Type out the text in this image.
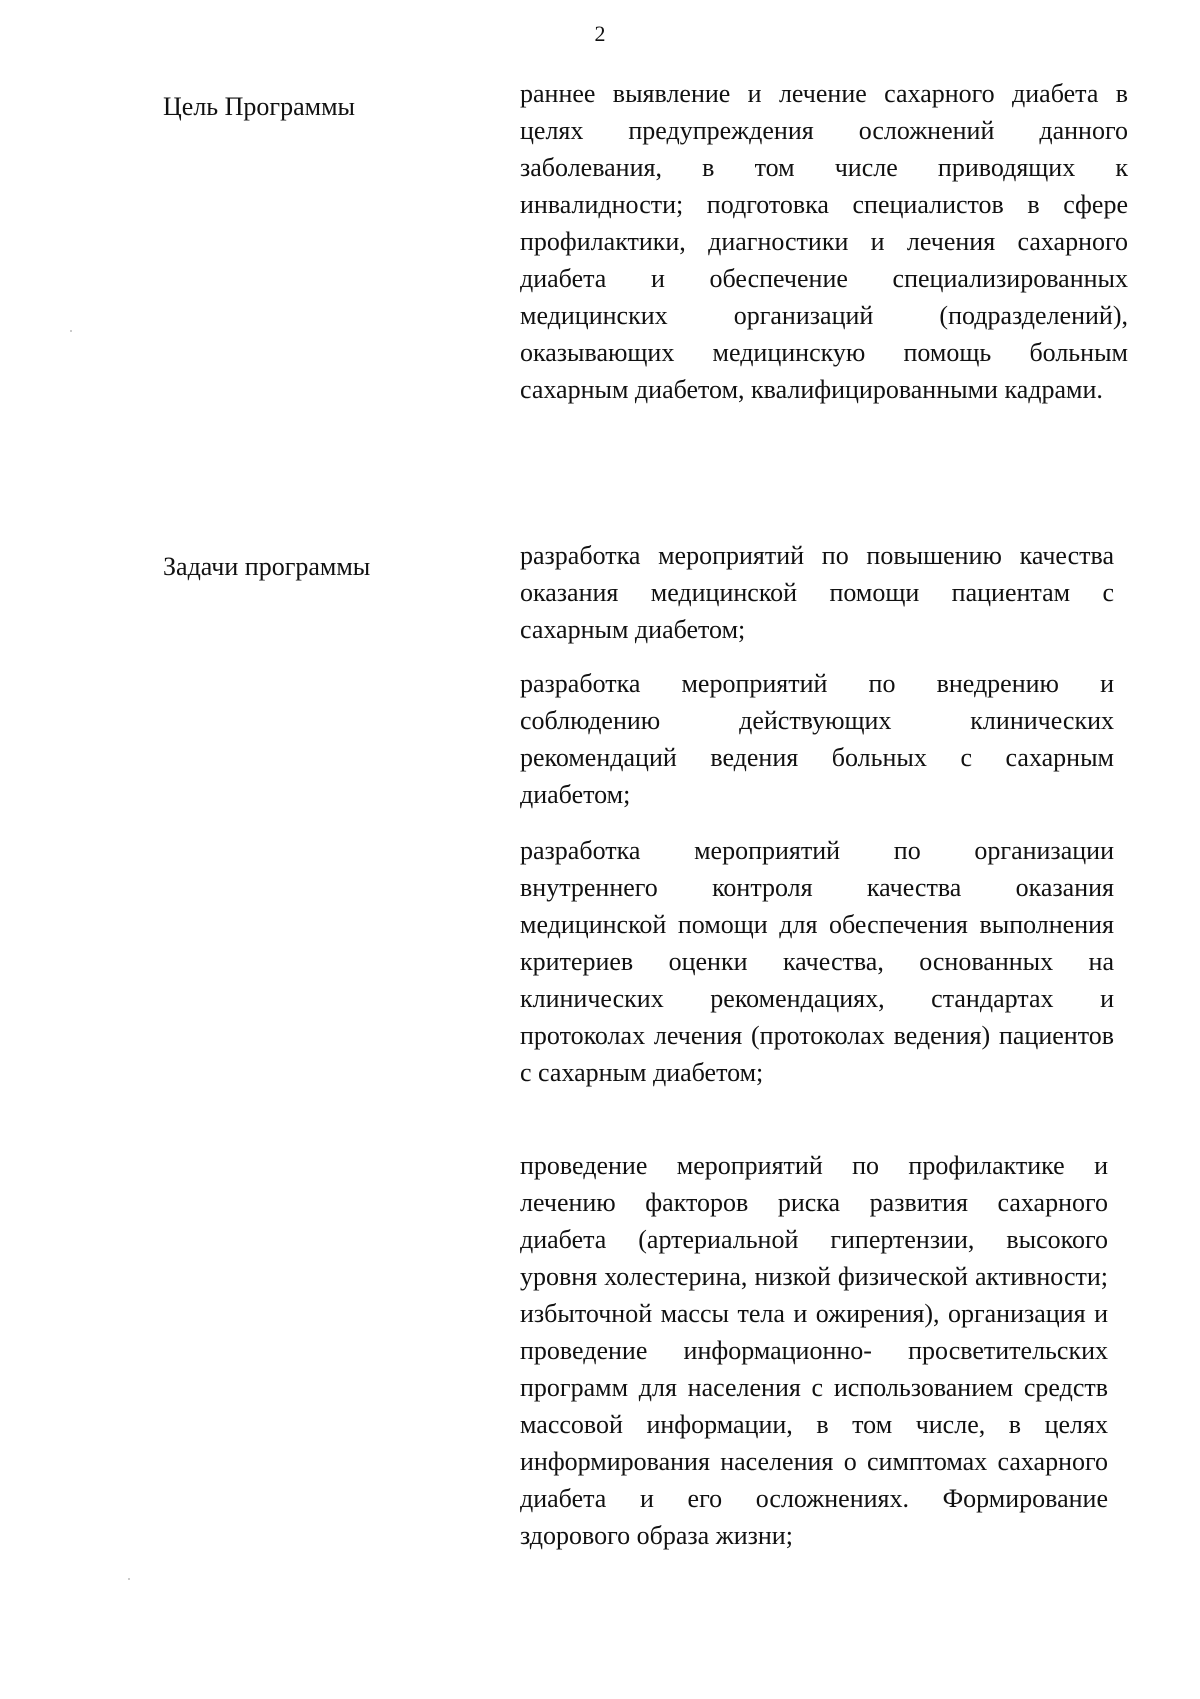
2
Цель Программы	раннее выявление и лечение сахарного диабета в целях предупреждения осложнений данного заболевания, в том числе приводящих к инвалидности; подготовка специалистов в сфере профилактики, диагностики и лечения сахарного диабета и обеспечение специализированных медицинских организаций (подразделений), оказывающих медицинскую помощь больным сахарным диабетом, квалифицированными кадрами.
Задачи программы	разработка мероприятий по повышению качества оказания медицинской помощи пациентам с сахарным диабетом;
разработка мероприятий по внедрению и соблюдению действующих клинических рекомендаций ведения больных с сахарным диабетом;
разработка мероприятий по организации внутреннего контроля качества оказания медицинской помощи для обеспечения выполнения критериев оценки качества, основанных на клинических рекомендациях, стандартах и протоколах лечения (протоколах ведения) пациентов с сахарным диабетом;
проведение мероприятий по профилактике и лечению факторов риска развития сахарного диабета (артериальной гипертензии, высокого уровня холестерина, низкой физической активности; избыточной массы тела и ожирения), организация и проведение информационно- просветительских программ для населения с использованием средств массовой информации, в том числе, в целях информирования населения о симптомах сахарного диабета и его осложнениях. Формирование здорового образа жизни;
